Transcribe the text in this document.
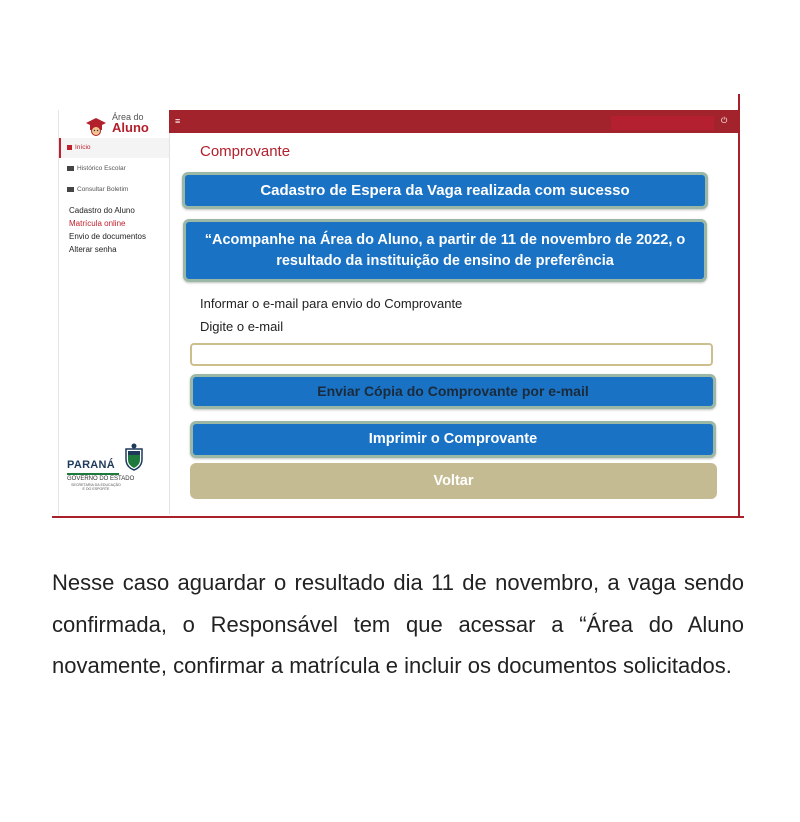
Área do
Aluno
Início
Histórico Escolar
Consultar Boletim
Cadastro do Aluno
Matrícula online
Envio de documentos
Alterar senha
PARANÁ
GOVERNO DO ESTADO
SECRETARIA DA EDUCAÇÃO E DO ESPORTE
≡	⏻
Comprovante
Cadastro de Espera da Vaga realizada com sucesso
“Acompanhe na Área do Aluno, a partir de 11 de novembro de 2022, o resultado da instituição de ensino de preferência
Informar o e-mail para envio do Comprovante
Digite o e-mail
Enviar Cópia do Comprovante por e-mail
Imprimir o Comprovante
Voltar
Nesse caso aguardar o resultado dia 11 de novembro, a vaga sendo confirmada, o Responsável tem que acessar a “Área do Aluno novamente, confirmar a matrícula e incluir os documentos solicitados.
